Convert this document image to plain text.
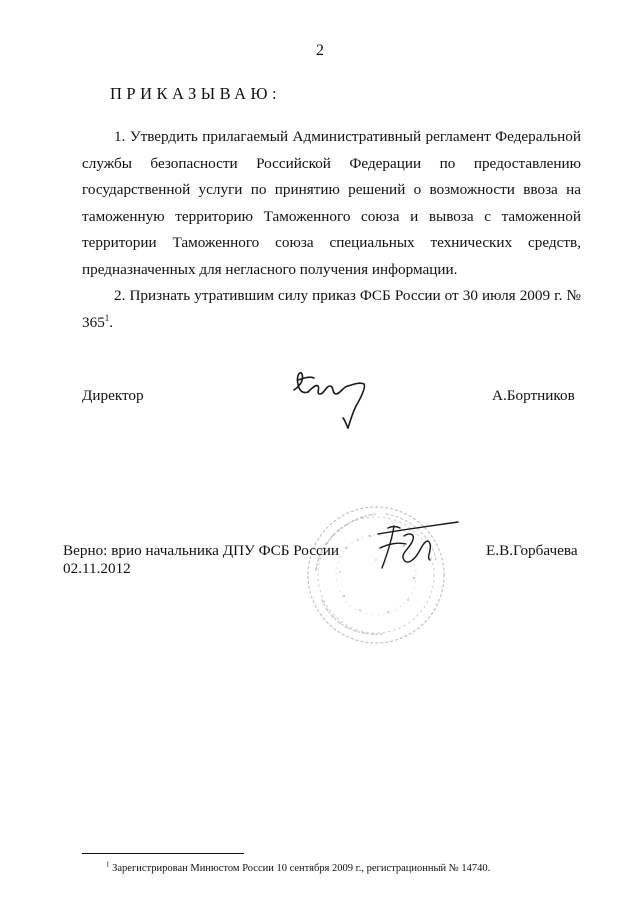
2
ПРИКАЗЫВАЮ:
1. Утвердить прилагаемый Административный регламент Федеральной службы безопасности Российской Федерации по предоставлению государственной услуги по принятию решений о возможности ввоза на таможенную территорию Таможенного союза и вывоза с таможенной территории Таможенного союза специальных технических средств, предназначенных для негласного получения информации.
2. Признать утратившим силу приказ ФСБ России от 30 июля 2009 г. № 365$^1$.
Директор	А.Бортников
Верно: врио начальника ДПУ ФСБ России
02.11.2012
Е.В.Горбачева
$^1$ Зарегистрирован Минюстом России 10 сентября 2009 г., регистрационный № 14740.
